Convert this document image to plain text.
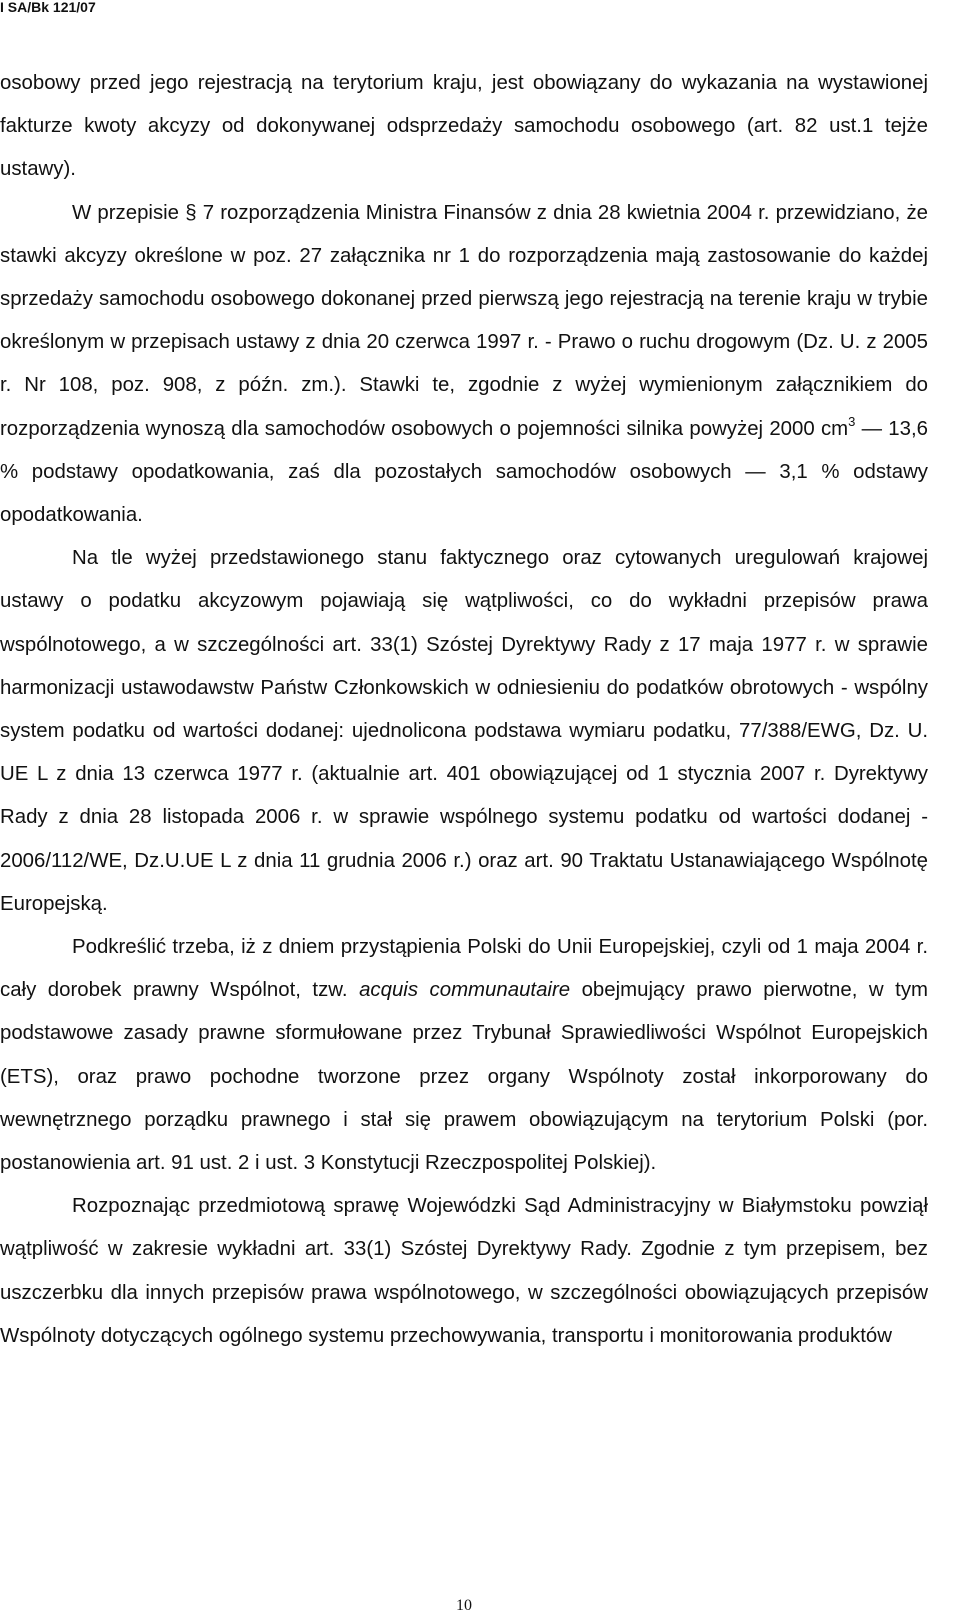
I SA/Bk 121/07

osobowy przed jego rejestracją na terytorium kraju, jest obowiązany do wykazania na wystawionej fakturze kwoty akcyzy od dokonywanej odsprzedaży samochodu osobowego (art. 82 ust.1 tejże ustawy).

W przepisie § 7 rozporządzenia Ministra Finansów z dnia 28 kwietnia 2004 r. przewidziano, że stawki akcyzy określone w poz. 27 załącznika nr 1 do rozporządzenia mają zastosowanie do każdej sprzedaży samochodu osobowego dokonanej przed pierwszą jego rejestracją na terenie kraju w trybie określonym w przepisach ustawy z dnia 20 czerwca 1997 r. - Prawo o ruchu drogowym (Dz. U. z 2005 r. Nr 108, poz. 908, z późn. zm.). Stawki te, zgodnie z wyżej wymienionym załącznikiem do rozporządzenia wynoszą dla samochodów osobowych o pojemności silnika powyżej 2000 $cm^3$ — 13,6 % podstawy opodatkowania, zaś dla pozostałych samochodów osobowych — 3,1 % odstawy opodatkowania.

Na tle wyżej przedstawionego stanu faktycznego oraz cytowanych uregulowań krajowej ustawy o podatku akcyzowym pojawiają się wątpliwości, co do wykładni przepisów prawa wspólnotowego, a w szczególności art. 33(1) Szóstej Dyrektywy Rady z 17 maja 1977 r. w sprawie harmonizacji ustawodawstw Państw Członkowskich w odniesieniu do podatków obrotowych - wspólny system podatku od wartości dodanej: ujednolicona podstawa wymiaru podatku, 77/388/EWG, Dz. U. UE L z dnia 13 czerwca 1977 r. (aktualnie art. 401 obowiązującej od 1 stycznia 2007 r. Dyrektywy Rady z dnia 28 listopada 2006 r. w sprawie wspólnego systemu podatku od wartości dodanej - 2006/112/WE, Dz.U.UE L z dnia 11 grudnia 2006 r.) oraz art. 90 Traktatu Ustanawiającego Wspólnotę Europejską.

Podkreślić trzeba, iż z dniem przystąpienia Polski do Unii Europejskiej, czyli od 1 maja 2004 r. cały dorobek prawny Wspólnot, tzw. acquis communautaire obejmujący prawo pierwotne, w tym podstawowe zasady prawne sformułowane przez Trybunał Sprawiedliwości Wspólnot Europejskich (ETS), oraz prawo pochodne tworzone przez organy Wspólnoty został inkorporowany do wewnętrznego porządku prawnego i stał się prawem obowiązującym na terytorium Polski (por. postanowienia art. 91 ust. 2 i ust. 3 Konstytucji Rzeczpospolitej Polskiej).

Rozpoznając przedmiotową sprawę Wojewódzki Sąd Administracyjny w Białymstoku powziął wątpliwość w zakresie wykładni art. 33(1) Szóstej Dyrektywy Rady. Zgodnie z tym przepisem, bez uszczerbku dla innych przepisów prawa wspólnotowego, w szczególności obowiązujących przepisów Wspólnoty dotyczących ogólnego systemu przechowywania, transportu i monitorowania produktów

10
